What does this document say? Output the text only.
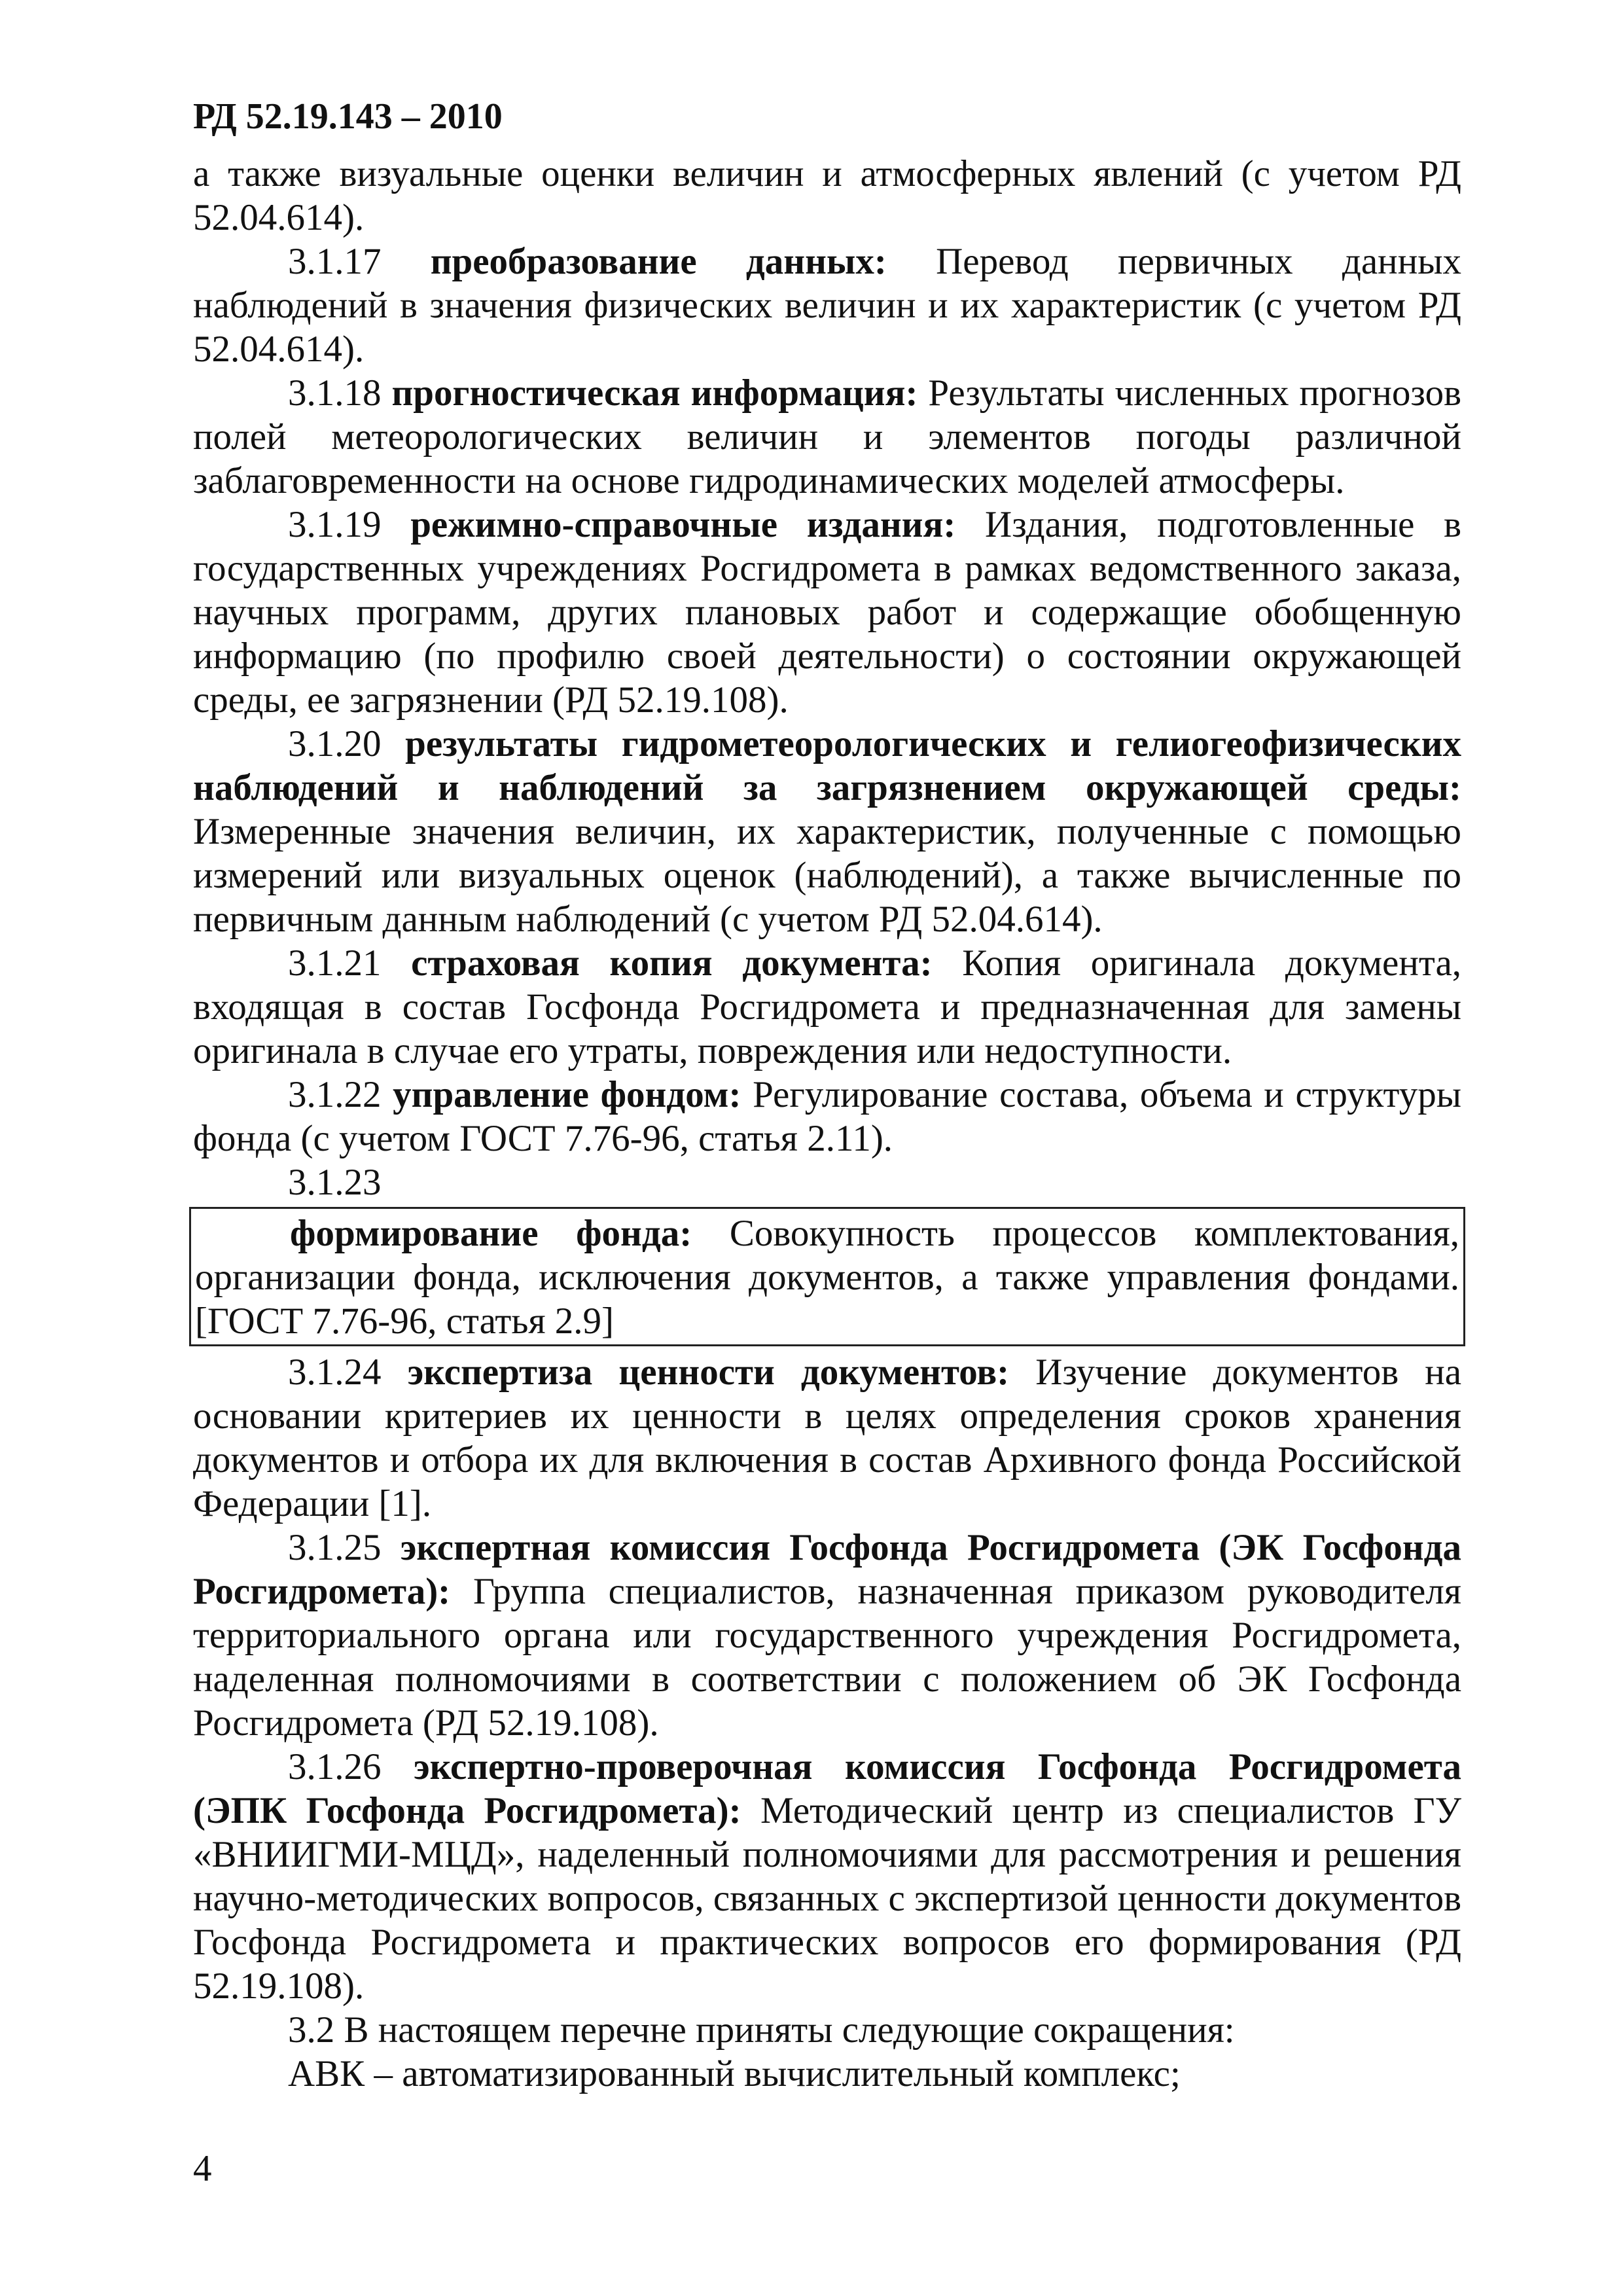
РД 52.19.143 – 2010

а также визуальные оценки величин и атмосферных явлений (с учетом РД 52.04.614).

3.1.17 преобразование данных: Перевод первичных данных наблюдений в значения физических величин и их характеристик (с учетом РД 52.04.614).

3.1.18 прогностическая информация: Результаты численных прогнозов полей метеорологических величин и элементов погоды различной заблаговременности на основе гидродинамических моделей атмосферы.

3.1.19 режимно-справочные издания: Издания, подготовленные в государственных учреждениях Росгидромета в рамках ведомственного заказа, научных программ, других плановых работ и содержащие обобщенную информацию (по профилю своей деятельности) о состоянии окружающей среды, ее загрязнении (РД 52.19.108).

3.1.20 результаты гидрометеорологических и гелиогеофизических наблюдений и наблюдений за загрязнением окружающей среды: Измеренные значения величин, их характеристик, полученные с помощью измерений или визуальных оценок (наблюдений), а также вычисленные по первичным данным наблюдений (с учетом РД 52.04.614).

3.1.21 страховая копия документа: Копия оригинала документа, входящая в состав Госфонда Росгидромета и предназначенная для замены оригинала в случае его утраты, повреждения или недоступности.

3.1.22 управление фондом: Регулирование состава, объема и структуры фонда (с учетом ГОСТ 7.76-96, статья 2.11).

3.1.23

формирование фонда: Совокупность процессов комплектования, организации фонда, исключения документов, а также управления фондами. [ГОСТ 7.76-96, статья 2.9]

3.1.24 экспертиза ценности документов: Изучение документов на основании критериев их ценности в целях определения сроков хранения документов и отбора их для включения в состав Архивного фонда Российской Федерации [1].

3.1.25 экспертная комиссия Госфонда Росгидромета (ЭК Госфонда Росгидромета): Группа специалистов, назначенная приказом руководителя территориального органа или государственного учреждения Росгидромета, наделенная полномочиями в соответствии с положением об ЭК Госфонда Росгидромета (РД 52.19.108).

3.1.26 экспертно-проверочная комиссия Госфонда Росгидромета (ЭПК Госфонда Росгидромета): Методический центр из специалистов ГУ «ВНИИГМИ-МЦД», наделенный полномочиями для рассмотрения и решения научно-методических вопросов, связанных с экспертизой ценности документов Госфонда Росгидромета и практических вопросов его формирования (РД 52.19.108).

3.2 В настоящем перечне приняты следующие сокращения:

АВК – автоматизированный вычислительный комплекс;

4
